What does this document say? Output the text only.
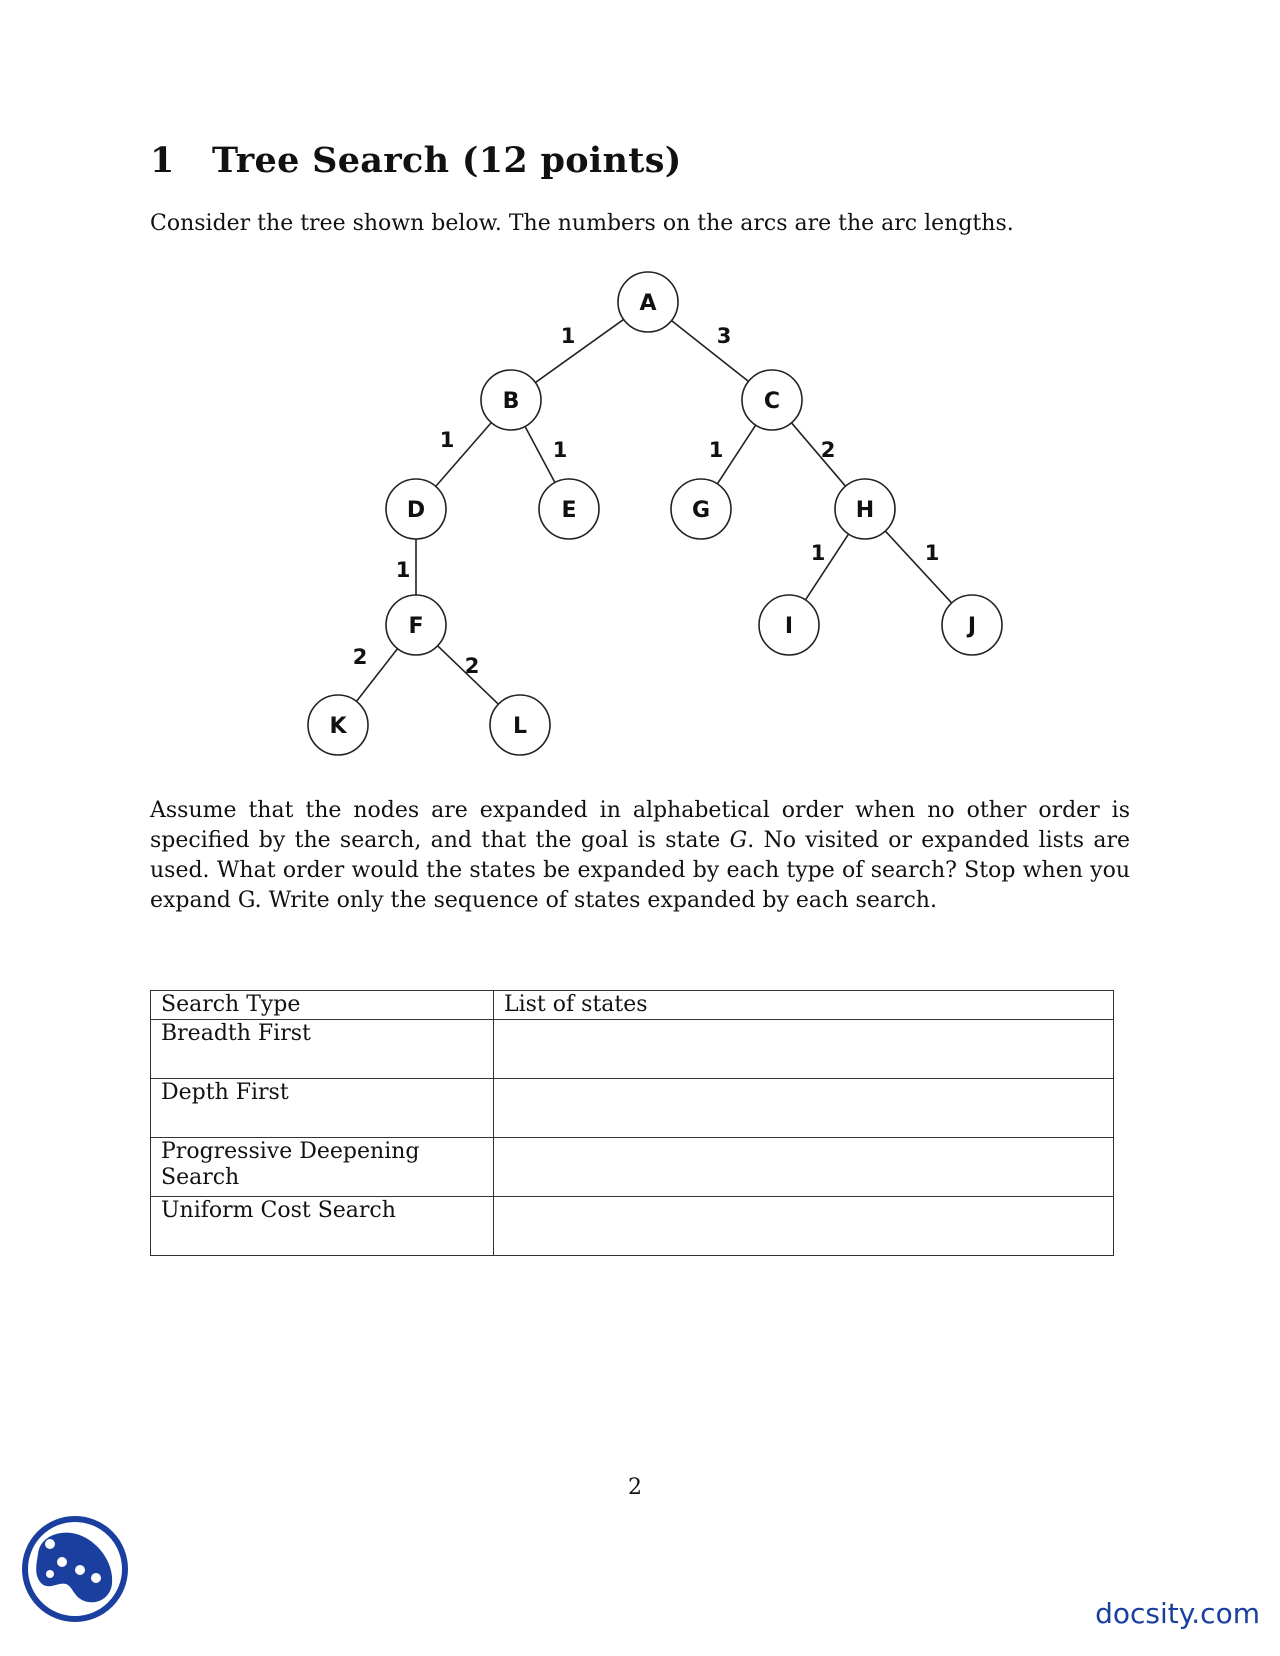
1 Tree Search (12 points)
Consider the tree shown below. The numbers on the arcs are the arc lengths.
1	3
1	1	1	2
1
1	1
2	2
A
B	C
D	E	G	H
F	I	J
K	L
Assume that the nodes are expanded in alphabetical order when no other order is specified by the search, and that the goal is state G. No visited or expanded lists are used. What order would the states be expanded by each type of search? Stop when you expand G. Write only the sequence of states expanded by each search.
Search Type	List of states
Breadth First	
Depth First	
Progressive Deepening Search	
Uniform Cost Search	
2
docsity.com
